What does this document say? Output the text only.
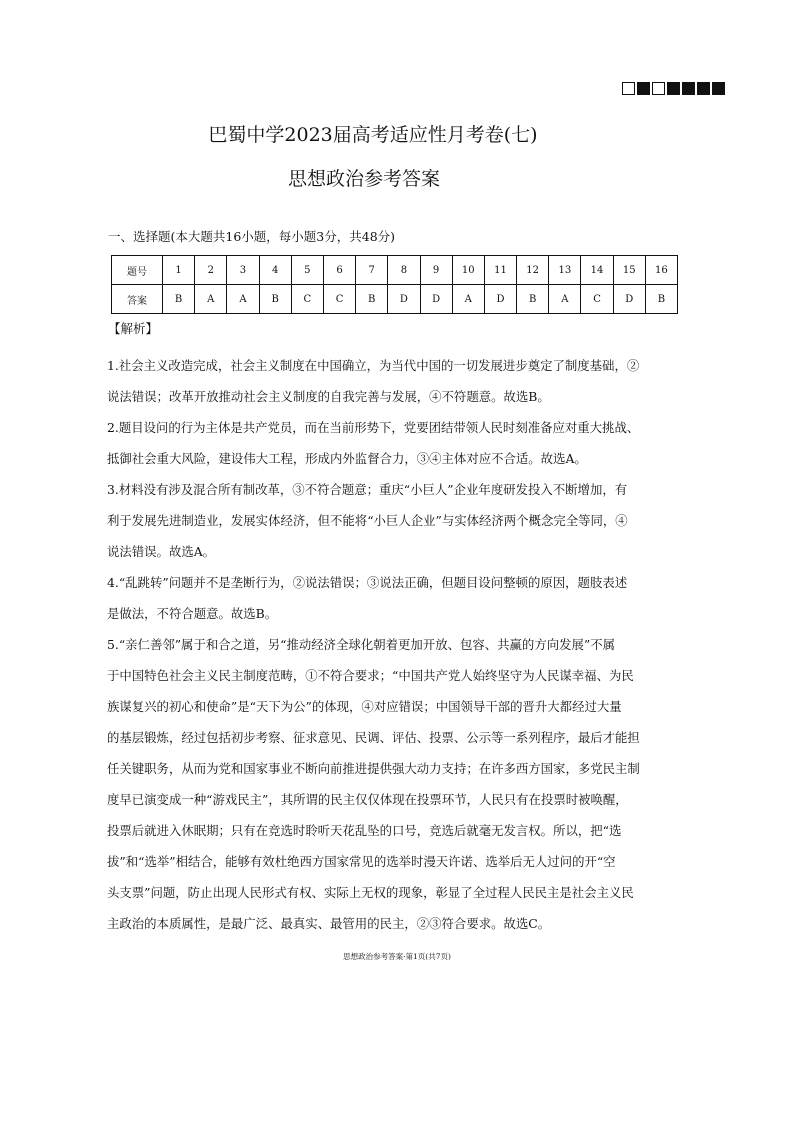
巴蜀中学2023届高考适应性月考卷(七)
思想政治参考答案
一、选择题(本大题共16小题，每小题3分，共48分)
题号	1	2	3	4	5	6	7	8	9	10	11	12	13	14	15	16
答案	B	A	A	B	C	C	B	D	D	A	D	B	A	C	D	B
【解析】
1.社会主义改造完成，社会主义制度在中国确立，为当代中国的一切发展进步奠定了制度基础，②
说法错误；改革开放推动社会主义制度的自我完善与发展，④不符题意。故选B。
2.题目设问的行为主体是共产党员，而在当前形势下，党要团结带领人民时刻准备应对重大挑战、
抵御社会重大风险，建设伟大工程，形成内外监督合力，③④主体对应不合适。故选A。
3.材料没有涉及混合所有制改革，③不符合题意；重庆“小巨人”企业年度研发投入不断增加，有
利于发展先进制造业，发展实体经济，但不能将“小巨人企业”与实体经济两个概念完全等同，④
说法错误。故选A。
4.“乱跳转”问题并不是垄断行为，②说法错误；③说法正确，但题目设问整顿的原因，题肢表述
是做法，不符合题意。故选B。
5.“亲仁善邻”属于和合之道，另“推动经济全球化朝着更加开放、包容、共赢的方向发展”不属
于中国特色社会主义民主制度范畴，①不符合要求；“中国共产党人始终坚守为人民谋幸福、为民
族谋复兴的初心和使命”是“天下为公”的体现，④对应错误；中国领导干部的晋升大都经过大量
的基层锻炼，经过包括初步考察、征求意见、民调、评估、投票、公示等一系列程序，最后才能担
任关键职务，从而为党和国家事业不断向前推进提供强大动力支持；在许多西方国家，多党民主制
度早已演变成一种“游戏民主”，其所谓的民主仅仅体现在投票环节，人民只有在投票时被唤醒，
投票后就进入休眠期；只有在竞选时聆听天花乱坠的口号，竞选后就毫无发言权。所以，把“选
拔”和“选举”相结合，能够有效杜绝西方国家常见的选举时漫天许诺、选举后无人过问的开“空
头支票”问题，防止出现人民形式有权、实际上无权的现象，彰显了全过程人民民主是社会主义民
主政治的本质属性，是最广泛、最真实、最管用的民主，②③符合要求。故选C。
思想政治参考答案·第1页(共7页)
